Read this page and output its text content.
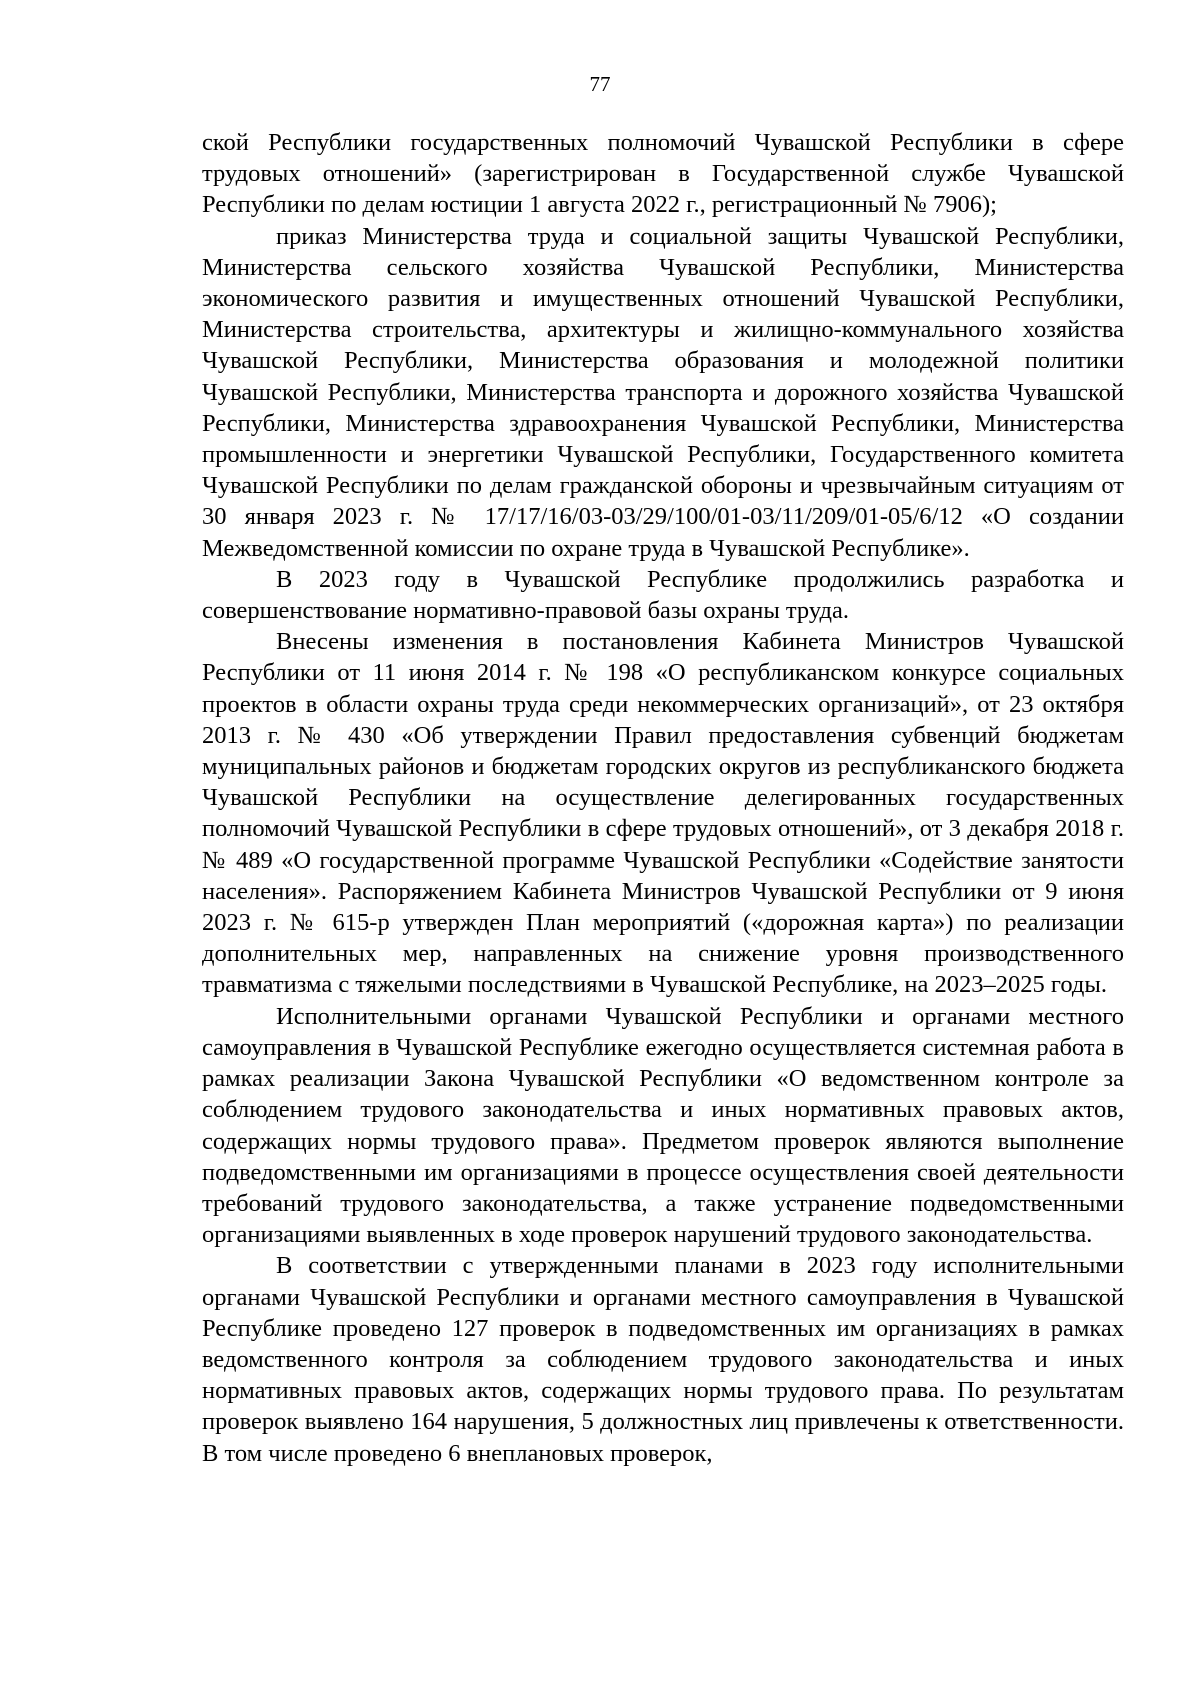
77

ской Республики государственных полномочий Чувашской Республики в сфере трудовых отношений» (зарегистрирован в Государственной службе Чувашской Республики по делам юстиции 1 августа 2022 г., регистрационный № 7906);

приказ Министерства труда и социальной защиты Чувашской Республики, Министерства сельского хозяйства Чувашской Республики, Министерства экономического развития и имущественных отношений Чувашской Республики, Министерства строительства, архитектуры и жилищно-коммунального хозяйства Чувашской Республики, Министерства образования и молодежной политики Чувашской Республики, Министерства транспорта и дорожного хозяйства Чувашской Республики, Министерства здравоохранения Чувашской Республики, Министерства промышленности и энергетики Чувашской Республики, Государственного комитета Чувашской Республики по делам гражданской обороны и чрезвычайным ситуациям от 30 января 2023 г. № 17/17/16/03-03/29/100/01-03/11/209/01-05/6/12 «О создании Межведомственной комиссии по охране труда в Чувашской Республике».

В 2023 году в Чувашской Республике продолжились разработка и совершенствование нормативно-правовой базы охраны труда.

Внесены изменения в постановления Кабинета Министров Чувашской Республики от 11 июня 2014 г. № 198 «О республиканском конкурсе социальных проектов в области охраны труда среди некоммерческих организаций», от 23 октября 2013 г. № 430 «Об утверждении Правил предоставления субвенций бюджетам муниципальных районов и бюджетам городских округов из республиканского бюджета Чувашской Республики на осуществление делегированных государственных полномочий Чувашской Республики в сфере трудовых отношений», от 3 декабря 2018 г. № 489 «О государственной программе Чувашской Республики «Содействие занятости населения». Распоряжением Кабинета Министров Чувашской Республики от 9 июня 2023 г. № 615-р утвержден План мероприятий («дорожная карта») по реализации дополнительных мер, направленных на снижение уровня производственного травматизма с тяжелыми последствиями в Чувашской Республике, на 2023–2025 годы.

Исполнительными органами Чувашской Республики и органами местного самоуправления в Чувашской Республике ежегодно осуществляется системная работа в рамках реализации Закона Чувашской Республики «О ведомственном контроле за соблюдением трудового законодательства и иных нормативных правовых актов, содержащих нормы трудового права». Предметом проверок являются выполнение подведомственными им организациями в процессе осуществления своей деятельности требований трудового законодательства, а также устранение подведомственными организациями выявленных в ходе проверок нарушений трудового законодательства.

В соответствии с утвержденными планами в 2023 году исполнительными органами Чувашской Республики и органами местного самоуправления в Чувашской Республике проведено 127 проверок в подведомственных им организациях в рамках ведомственного контроля за соблюдением трудового законодательства и иных нормативных правовых актов, содержащих нормы трудового права. По результатам проверок выявлено 164 нарушения, 5 должностных лиц привлечены к ответственности. В том числе проведено 6 внеплановых проверок,
